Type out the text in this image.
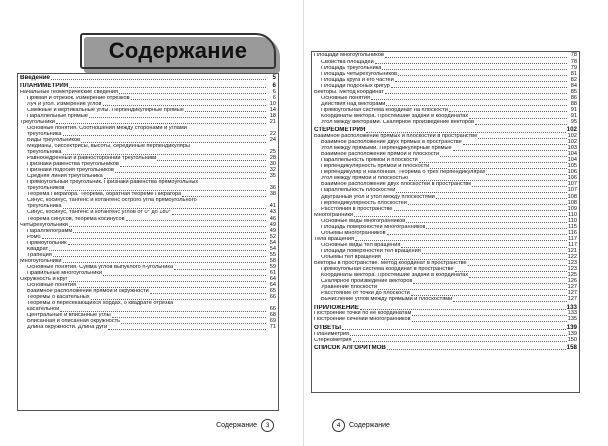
Содержание
Введение	5
ПЛАНИМЕТРИЯ	6
Начальные геометрические сведения	6
Прямая и отрезок. Измерение отрезков	6
Луч и угол. Измерение углов	10
Смежные и вертикальные углы. Перпендикулярные прямые	14
Параллельные прямые	18
Треугольники	21
Основные понятия. Соотношения между сторонами и углами
треугольника	22
Виды треугольников	24
Медианы, биссектрисы, высоты, серединные перпендикуляры
треугольника	25
Равнобедренный и равносторонний треугольники	28
Признаки равенства треугольников	30
Признаки подобия треугольников	32
Средняя линия треугольника	35
Прямоугольный треугольник. Признаки равенства прямоугольных
треугольников	36
Теорема Пифагора. Теорема, обратная теореме Пифагора	38
Синус, косинус, тангенс и котангенс острого угла прямоугольного
треугольника	41
Синус, косинус, тангенс и котангенс углов от 0° до 180°	43
Теорема синусов, теорема косинусов	46
Четырёхугольники	49
Параллелограмм	49
Ромб	52
Прямоугольник	54
Квадрат	54
Трапеция	55
Многоугольники	58
Основные понятия. Сумма углов выпуклого n-угольника	59
Правильные многоугольники	61
Окружность и круг	64
Основные понятия	64
Взаимное расположение прямой и окружности	65
Теоремы о касательных	66
Теоремы о пересекающихся хордах, о квадрате отрезка
касательной	66
Центральные и вписанные углы	68
Вписанная и описанная окружность	69
Длина окружности. Длина дуги	71
Содержание	3
Площади многоугольников	78
Свойства площадей	78
Площадь треугольника	79
Площадь четырёхугольников	81
Площадь круга и его частей	82
Площади подобных фигур	84
Векторы. Метод координат	85
Основные понятия	86
Действия над векторами	88
Прямоугольная система координат на плоскости	91
Координаты вектора. Простейшие задачи в координатах	91
Угол между векторами. Скалярное произведение векторов	95
СТЕРЕОМЕТРИЯ	102
Взаимное расположение прямых и плоскостей в пространстве	102
Взаимное расположение двух прямых в пространстве	102
Угол между прямыми. Перпендикулярные прямые	103
Взаимное расположение прямой и плоскости	104
Параллельность прямой и плоскости	104
Перпендикулярность прямой и плоскости	105
Перпендикуляр и наклонная. Теорема о трёх перпендикулярах	106
Угол между прямой и плоскостью	106
Взаимное расположение двух плоскостей в пространстве	107
Параллельность плоскостей	107
Двугранный угол и угол между плоскостями	108
Перпендикулярность плоскостей	108
Расстояния в пространстве	109
Многогранники	110
Основные виды многогранников	110
Площадь поверхностей многогранников	115
Объёмы многогранников	116
Тела вращения	117
Основные виды тел вращения	117
Площади поверхностей тел вращения	121
Объёмы тел вращения	122
Векторы в пространстве. Метод координат в пространстве	123
Прямоугольная система координат в пространстве	123
Координаты вектора. Простейшие задачи в координатах	125
Скалярное произведение векторов	126
Уравнение плоскости	127
Расстояние от точки до плоскости	127
Вычисление углов между прямыми и плоскостями	127
ПРИЛОЖЕНИЕ	133
Построение точки по её координатам	133
Построение сечений многогранников	135
ОТВЕТЫ	139
Планиметрия	139
Стереометрия	150
СПИСОК АЛГОРИТМОВ	158
4	Содержание
